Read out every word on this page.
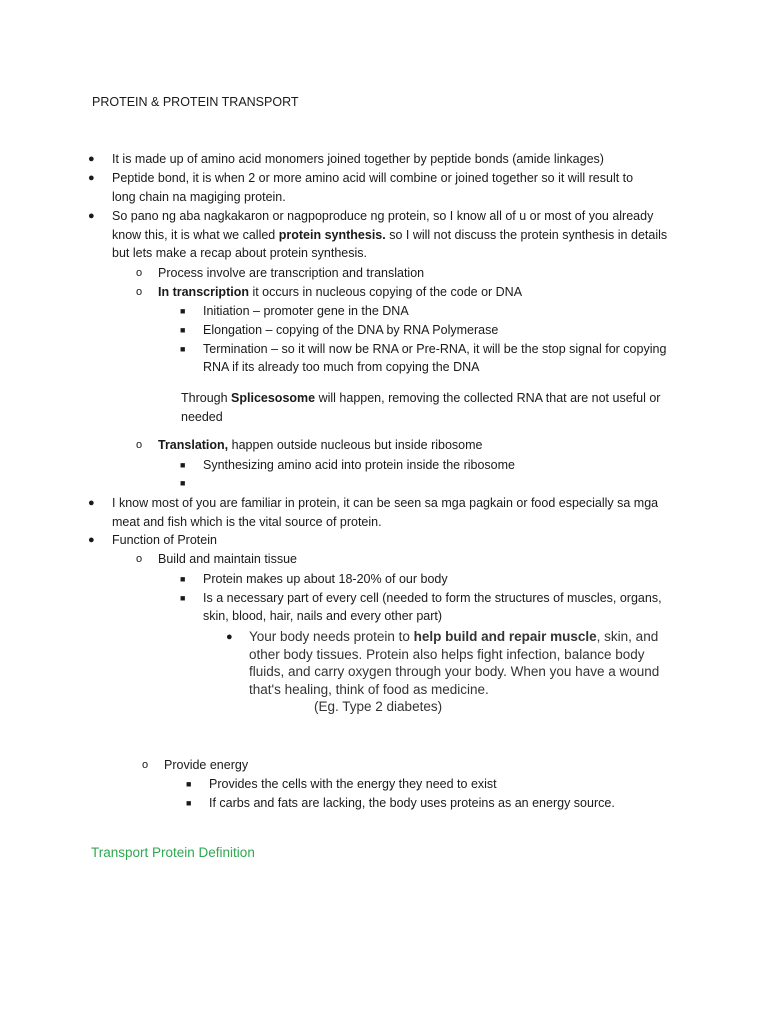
PROTEIN & PROTEIN TRANSPORT
●	It is made up of amino acid monomers joined together by peptide bonds (amide linkages)
●	Peptide bond, it is when 2 or more amino acid will combine or joined together so it will result to
long chain na magiging protein.
●	So pano ng aba nagkakaron or nagpoproduce ng protein, so I know all of u or most of you already
know this, it is what we called protein synthesis. so I will not discuss the protein synthesis in details
but lets make a recap about protein synthesis.
o	Process involve are transcription and translation
o	In transcription it occurs in nucleous copying of the code or DNA
■	Initiation – promoter gene in the DNA
■	Elongation – copying of the DNA by RNA Polymerase
■	Termination – so it will now be RNA or Pre-RNA, it will be the stop signal for copying
RNA if its already too much from copying the DNA
Through Splicesosome will happen, removing the collected RNA that are not useful or
needed
o	Translation, happen outside nucleous but inside ribosome
■	Synthesizing amino acid into protein inside the ribosome
■
●	I know most of you are familiar in protein, it can be seen sa mga pagkain or food especially sa mga
meat and fish which is the vital source of protein.
●	Function of Protein
o	Build and maintain tissue
■	Protein makes up about 18-20% of our body
■	Is a necessary part of every cell (needed to form the structures of muscles, organs,
skin, blood, hair, nails and every other part)
●	Your body needs protein to help build and repair muscle, skin, and
other body tissues. Protein also helps fight infection, balance body
fluids, and carry oxygen through your body. When you have a wound
that's healing, think of food as medicine.
(Eg. Type 2 diabetes)
o	Provide energy
■	Provides the cells with the energy they need to exist
■	If carbs and fats are lacking, the body uses proteins as an energy source.
Transport Protein Definition
